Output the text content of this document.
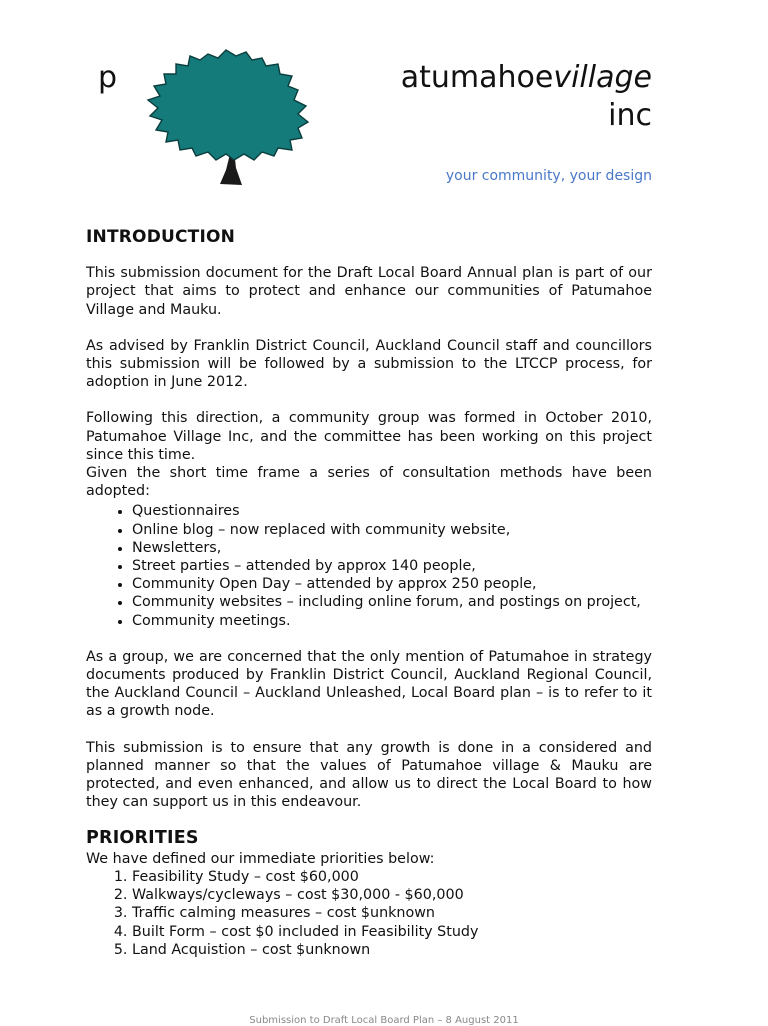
p	atumahoevillage
inc
your community, your design
INTRODUCTION

This submission document for the Draft Local Board Annual plan is part of our project that aims to protect and enhance our communities of Patumahoe Village and Mauku.

As advised by Franklin District Council, Auckland Council staff and councillors this submission will be followed by a submission to the LTCCP process, for adoption in June 2012.

Following this direction, a community group was formed in October 2010, Patumahoe Village Inc, and the committee has been working on this project since this time.

Given the short time frame a series of consultation methods have been adopted:

• Questionnaires
• Online blog – now replaced with community website,
• Newsletters,
• Street parties – attended by approx 140 people,
• Community Open Day – attended by approx 250 people,
• Community websites – including online forum, and postings on project,
• Community meetings.

As a group, we are concerned that the only mention of Patumahoe in strategy documents produced by Franklin District Council, Auckland Regional Council, the Auckland Council – Auckland Unleashed, Local Board plan – is to refer to it as a growth node.

This submission is to ensure that any growth is done in a considered and planned manner so that the values of Patumahoe village & Mauku are protected, and even enhanced, and allow us to direct the Local Board to how they can support us in this endeavour.

PRIORITIES

We have defined our immediate priorities below:

1. Feasibility Study – cost $60,000
2. Walkways/cycleways – cost $30,000 - $60,000
3. Traffic calming measures – cost $unknown
4. Built Form – cost $0 included in Feasibility Study
5. Land Acquistion – cost $unknown
Submission to Draft Local Board Plan – 8 August 2011
